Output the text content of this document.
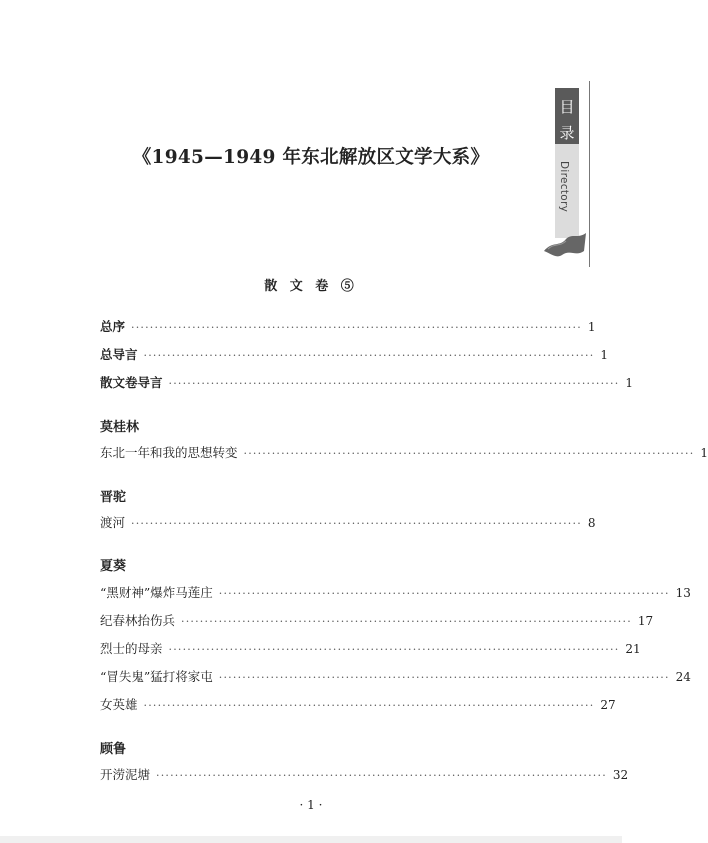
《1945—1949 年东北解放区文学大系》
目
录
Directory
散 文 卷 ⑤
总序 ································································································ 1
总导言 ································································································ 1
散文卷导言 ································································································ 1
莫桂林
东北一年和我的思想转变 ································································································ 1
晋驼
渡河 ································································································ 8
夏葵
“黑财神”爆炸马莲庄 ································································································ 13
纪春林抬伤兵 ································································································ 17
烈士的母亲 ································································································ 21
“冒失鬼”猛打将家屯 ································································································ 24
女英雄 ································································································ 27
顾鲁
开涝泥塘 ································································································ 32
· 1 ·
